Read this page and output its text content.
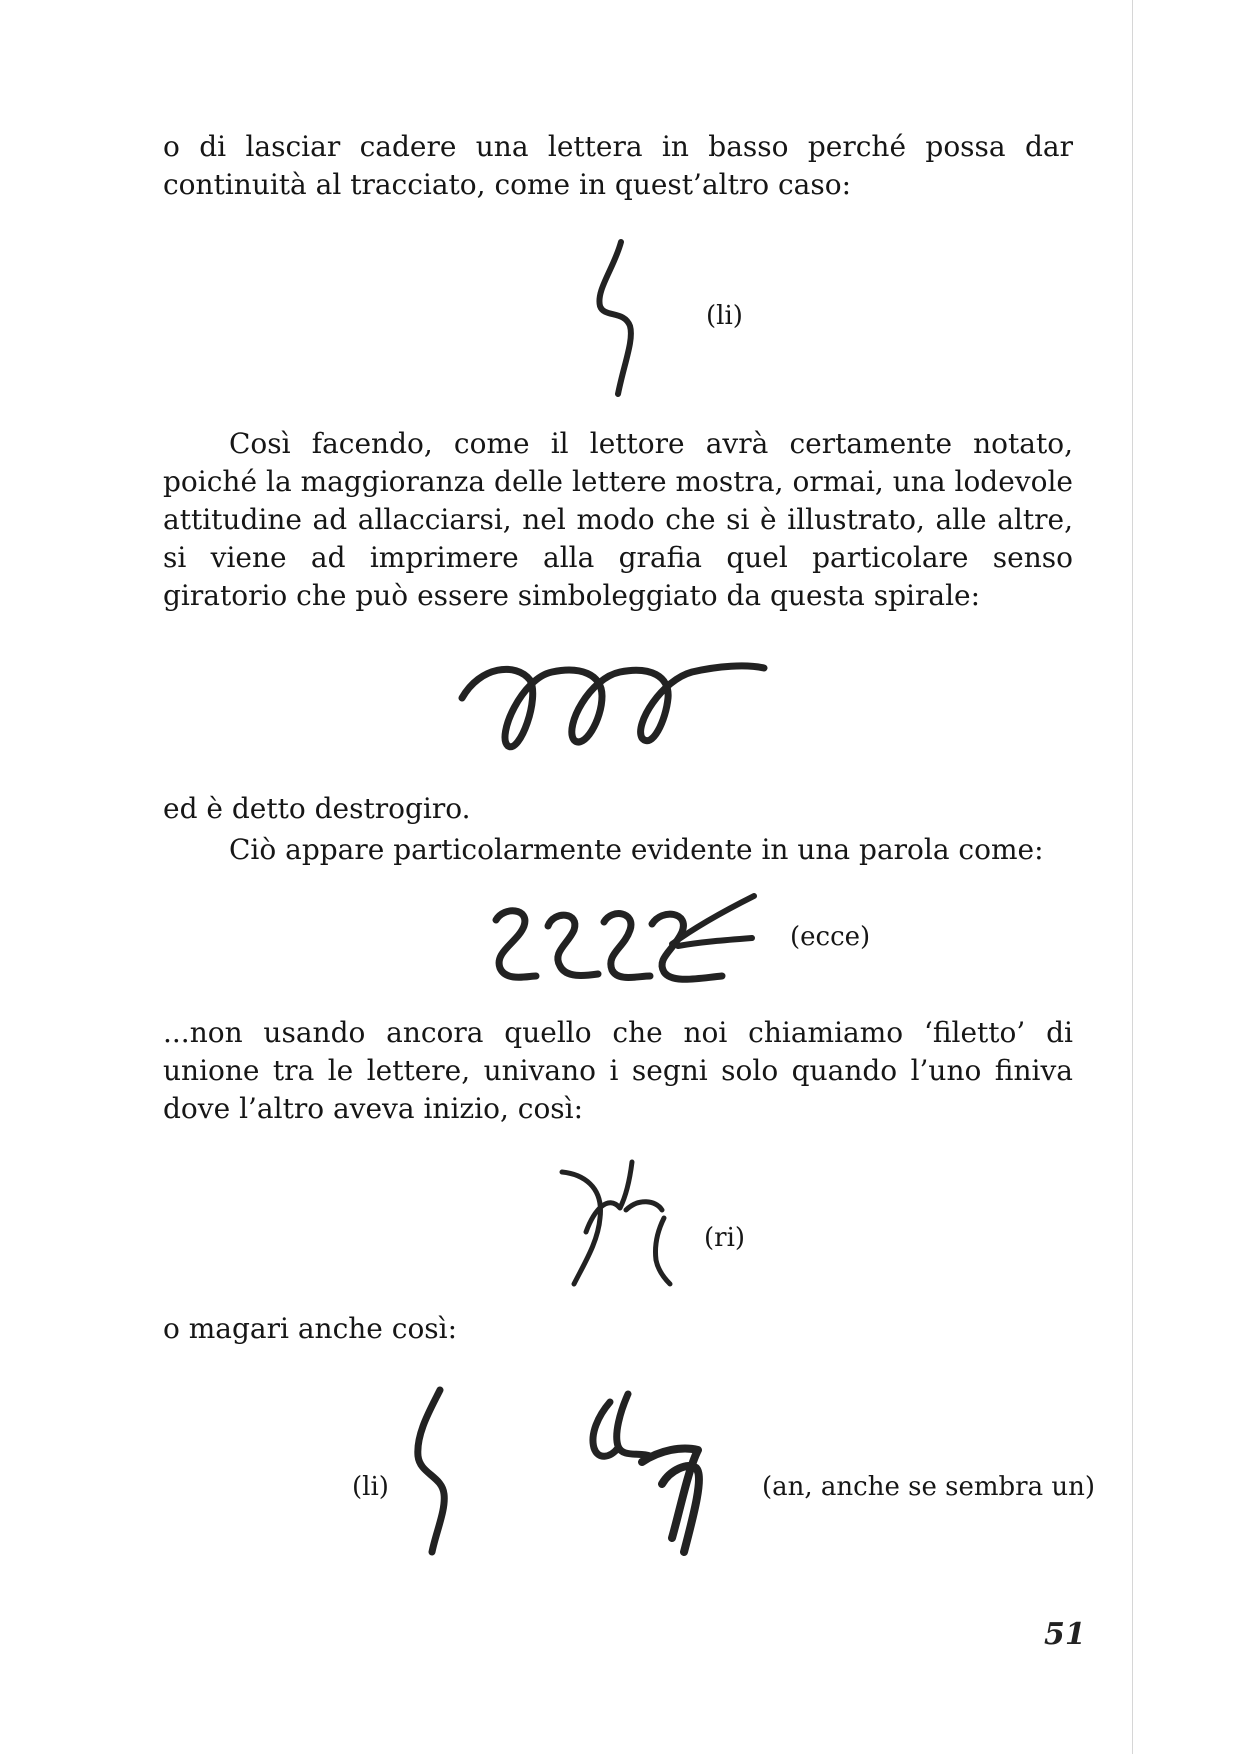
o di lasciar cadere una lettera in basso perché possa dar continuità al tracciato, come in quest’altro caso:

(li)

Così facendo, come il lettore avrà certamente notato, poiché la maggioranza delle lettere mostra, ormai, una lodevole attitudine ad allacciarsi, nel modo che si è illustrato, alle altre, si viene ad imprimere alla grafia quel particolare senso giratorio che può essere simboleggiato da questa spirale:

ed è detto destrogiro.

Ciò appare particolarmente evidente in una parola come:

(ecce)

...non usando ancora quello che noi chiamiamo ‘filetto’ di unione tra le lettere, univano i segni solo quando l’uno finiva dove l’altro aveva inizio, così:

(ri)

o magari anche così:

(li)	(an, anche se sembra un)
51
